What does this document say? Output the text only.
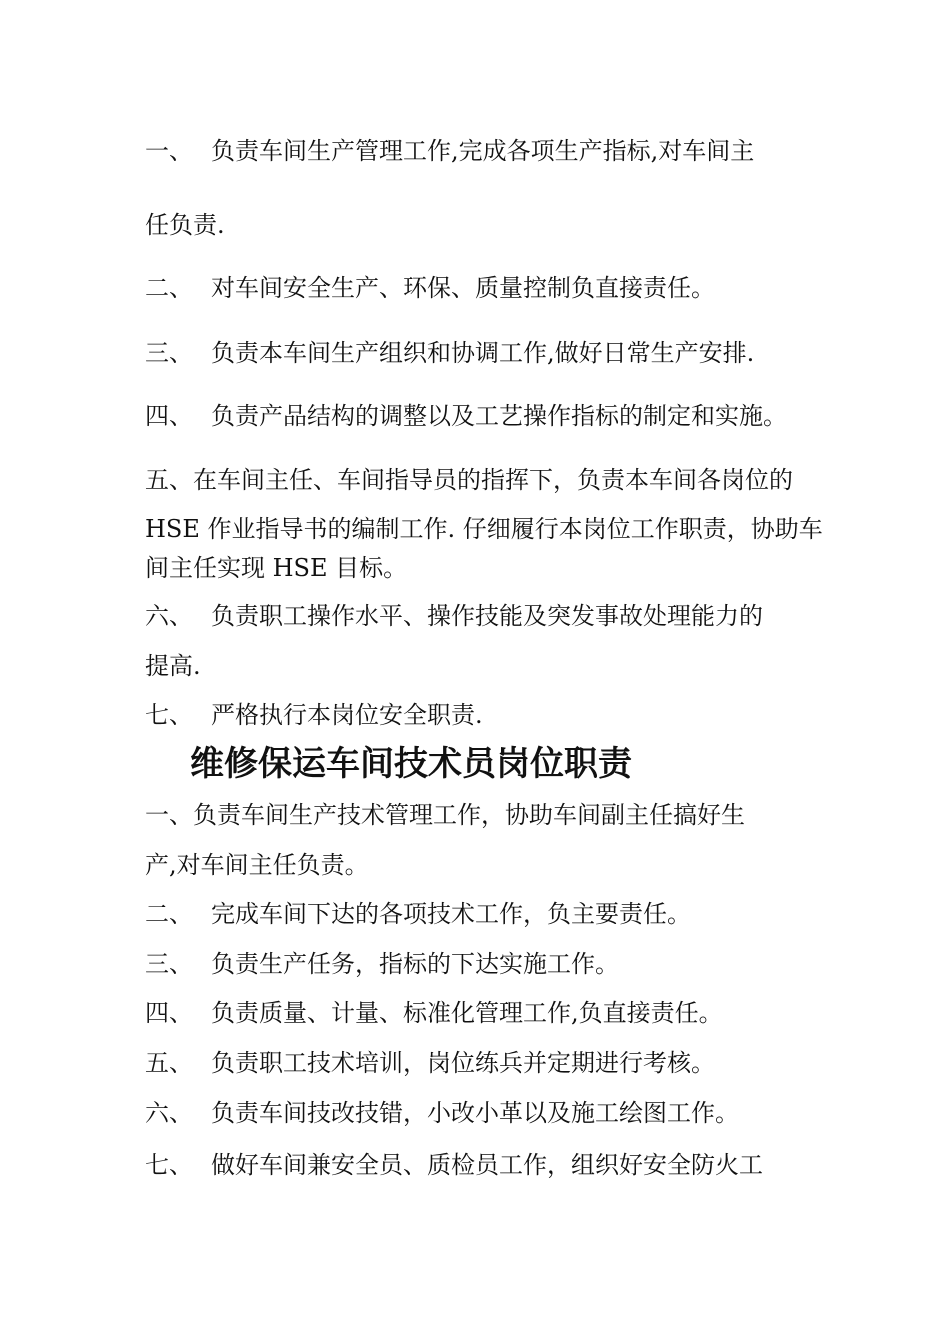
一、 负责车间生产管理工作,完成各项生产指标,对车间主
任负责.
二、 对车间安全生产、环保、质量控制负直接责任。
三、 负责本车间生产组织和协调工作,做好日常生产安排.
四、 负责产品结构的调整以及工艺操作指标的制定和实施。
五、在车间主任、车间指导员的指挥下，负责本车间各岗位的
HSE 作业指导书的编制工作. 仔细履行本岗位工作职责，协助车
间主任实现 HSE 目标。
六、 负责职工操作水平、操作技能及突发事故处理能力的
提高.
七、 严格执行本岗位安全职责.
维修保运车间技术员岗位职责
一、负责车间生产技术管理工作，协助车间副主任搞好生
产,对车间主任负责。
二、 完成车间下达的各项技术工作，负主要责任。
三、 负责生产任务，指标的下达实施工作。
四、 负责质量、计量、标准化管理工作,负直接责任。
五、 负责职工技术培训，岗位练兵并定期进行考核。
六、 负责车间技改技错，小改小革以及施工绘图工作。
七、 做好车间兼安全员、质检员工作，组织好安全防火工
